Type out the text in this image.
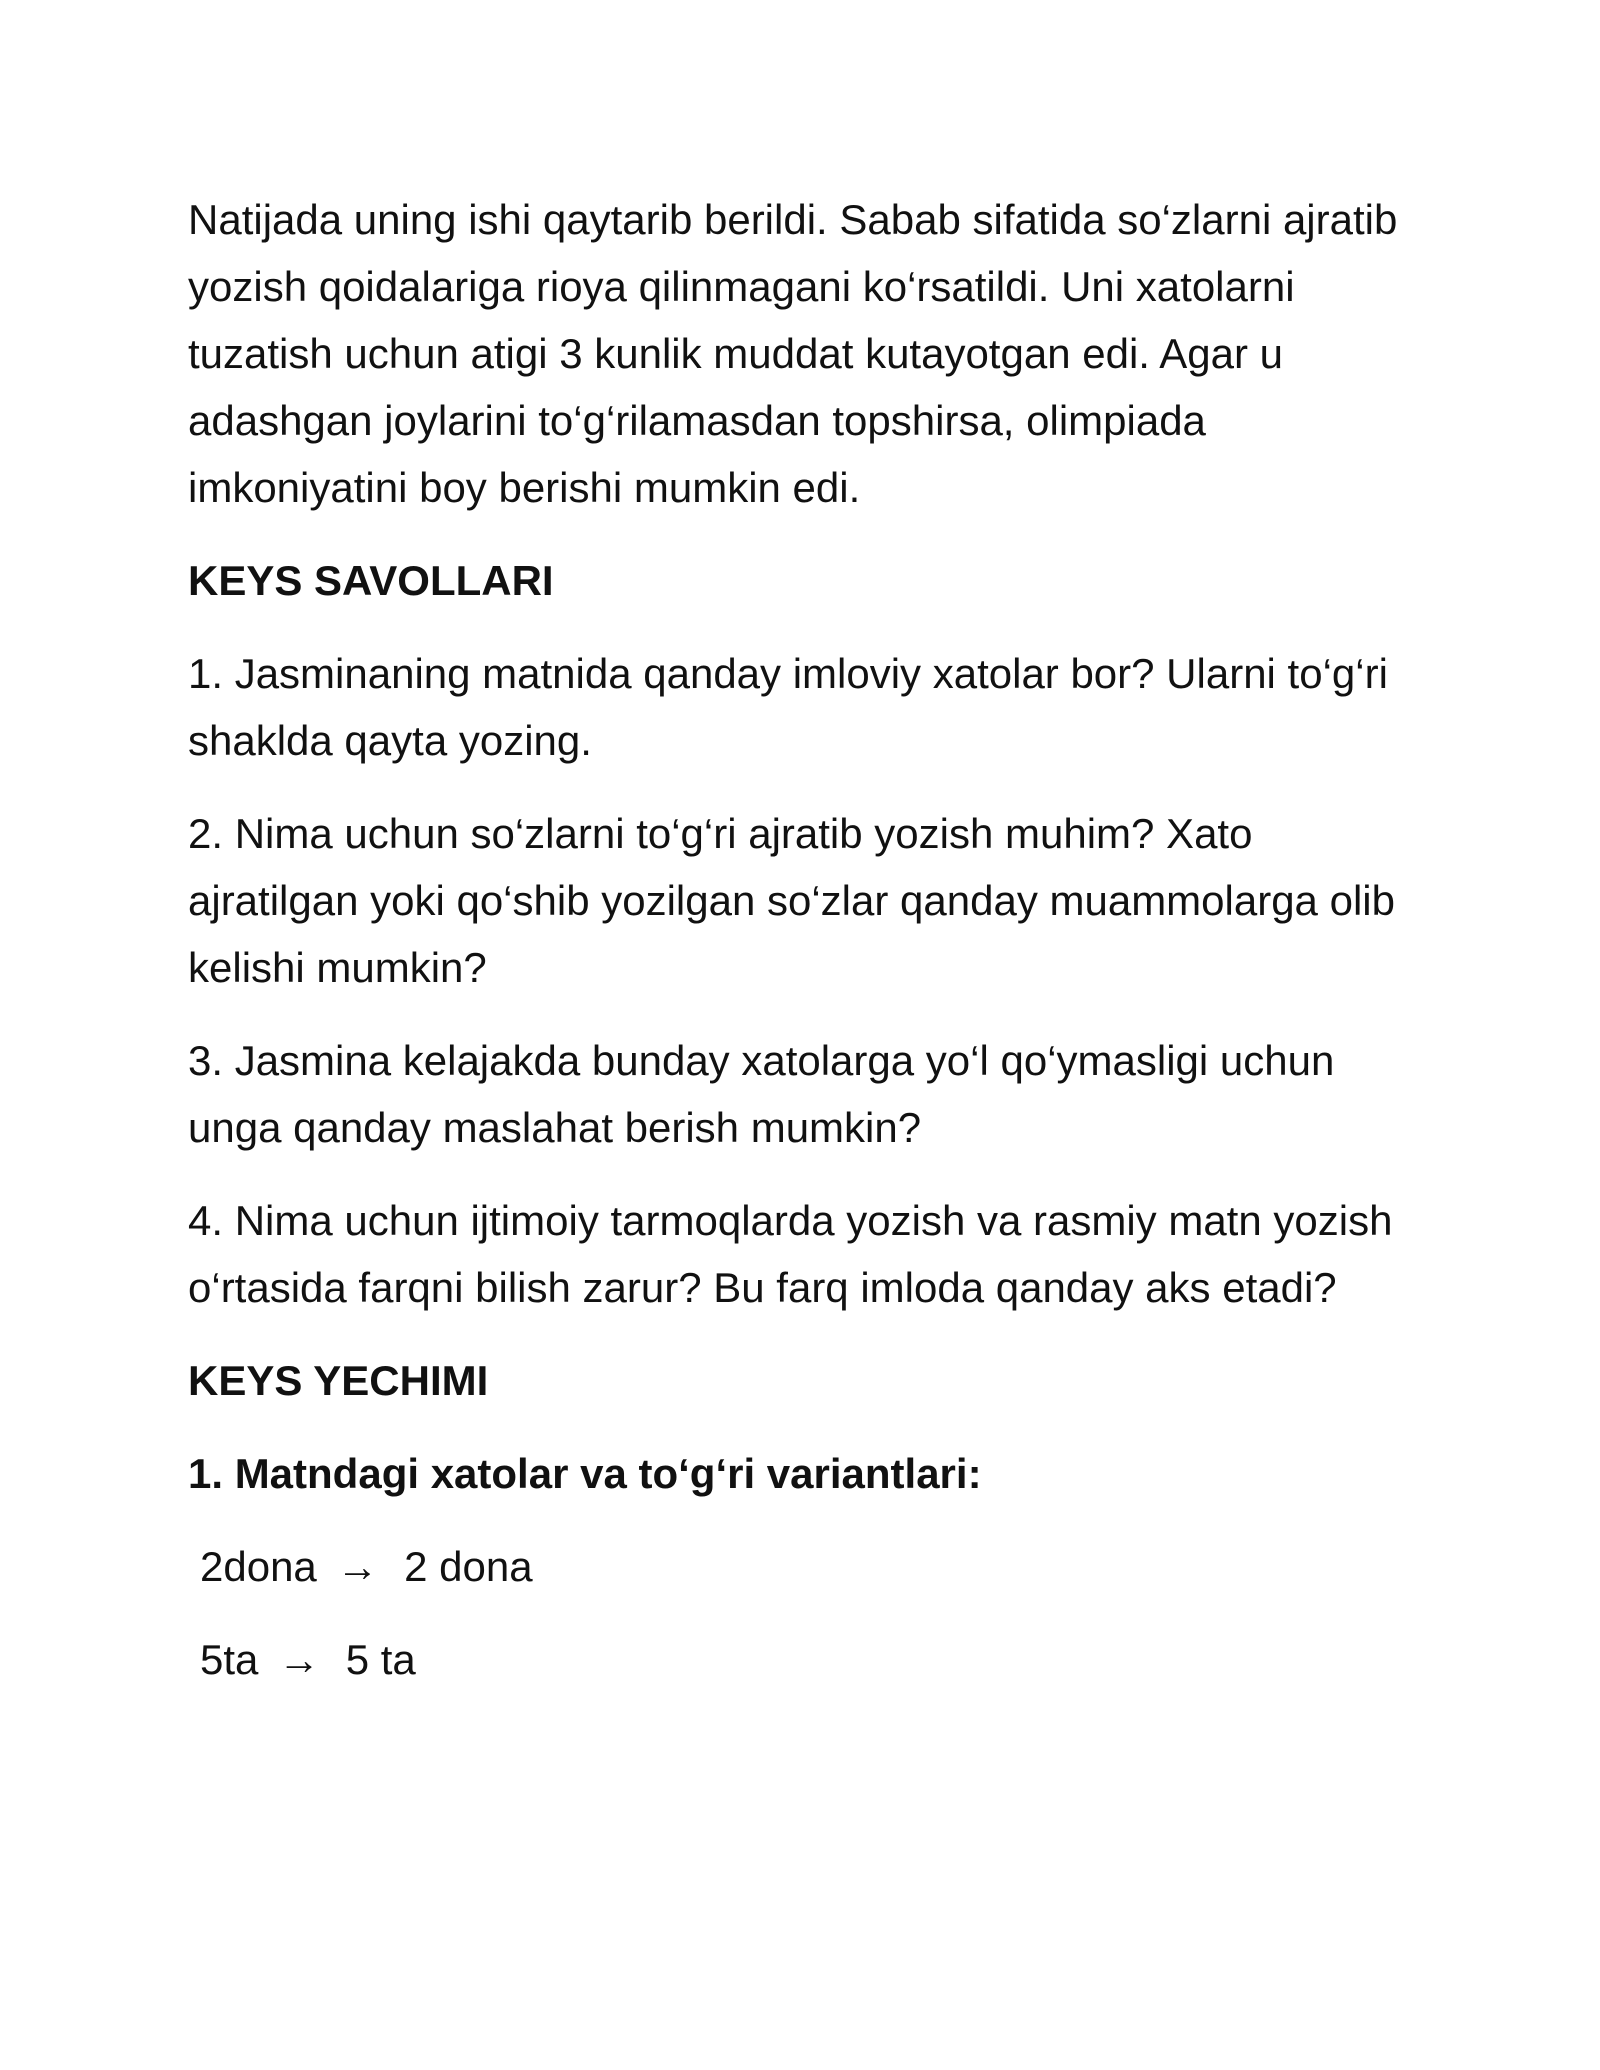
Natijada uning ishi qaytarib berildi. Sabab sifatida so‘zlarni ajratib yozish qoidalariga rioya qilinmagani ko‘rsatildi. Uni xatolarni tuzatish uchun atigi 3 kunlik muddat kutayotgan edi. Agar u adashgan joylarini to‘g‘rilamasdan topshirsa, olimpiada imkoniyatini boy berishi mumkin edi.

KEYS SAVOLLARI

1. Jasminaning matnida qanday imloviy xatolar bor? Ularni to‘g‘ri shaklda qayta yozing.

2. Nima uchun so‘zlarni to‘g‘ri ajratib yozish muhim? Xato ajratilgan yoki qo‘shib yozilgan so‘zlar qanday muammolarga olib kelishi mumkin?

3. Jasmina kelajakda bunday xatolarga yo‘l qo‘ymasligi uchun unga qanday maslahat berish mumkin?

4. Nima uchun ijtimoiy tarmoqlarda yozish va rasmiy matn yozish o‘rtasida farqni bilish zarur? Bu farq imloda qanday aks etadi?

KEYS YECHIMI

1. Matndagi xatolar va to‘g‘ri variantlari:

2dona → 2 dona

5ta → 5 ta
